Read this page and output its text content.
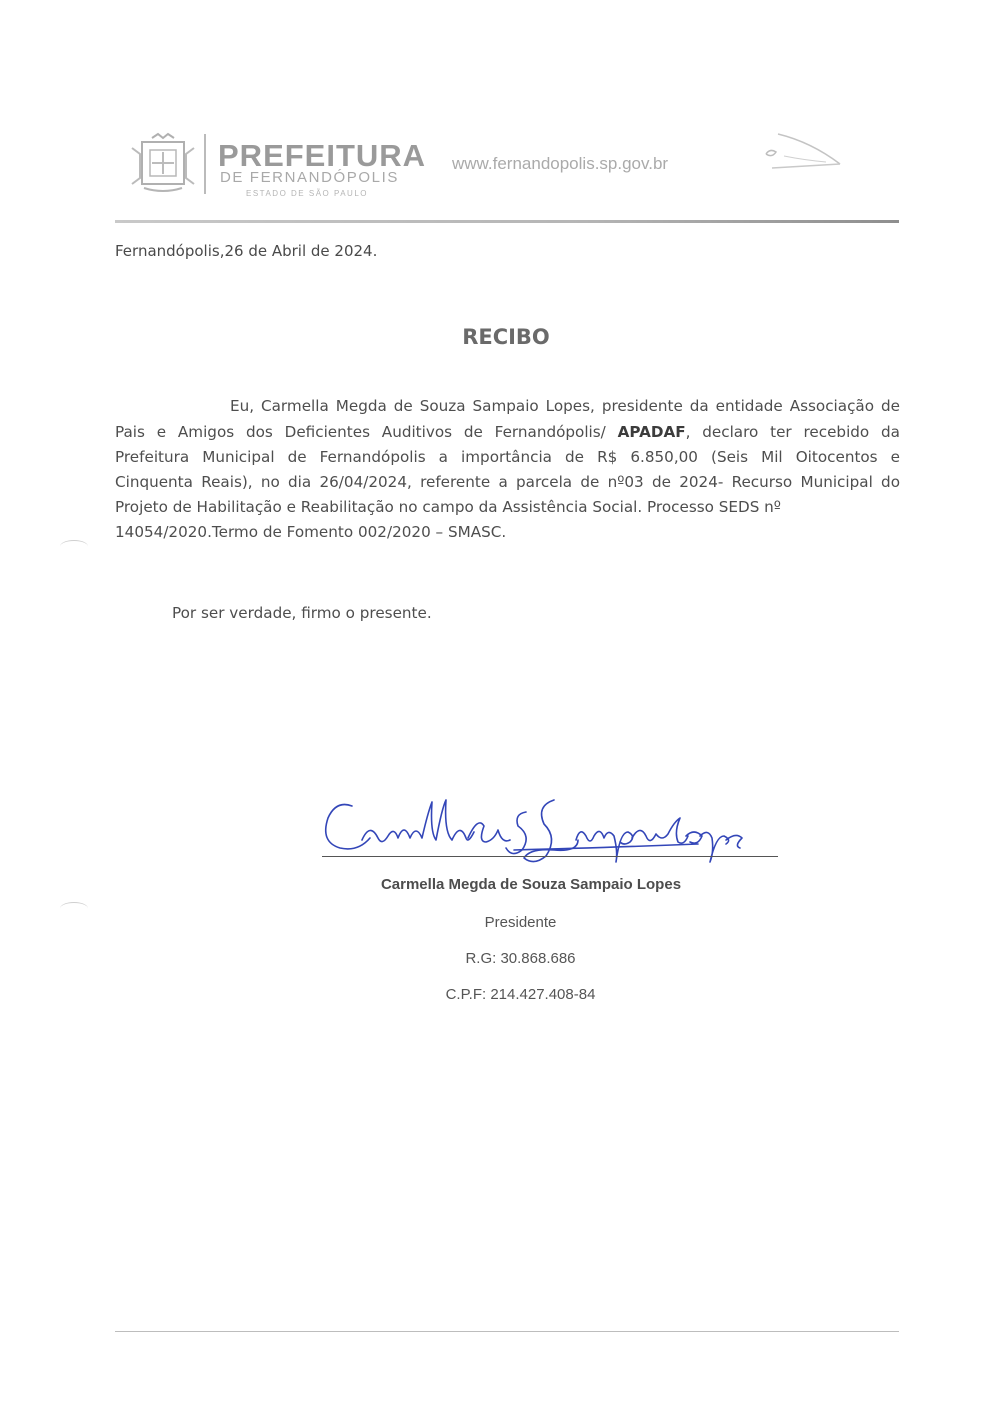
PREFEITURA
DE FERNANDÓPOLIS
ESTADO DE SÃO PAULO
www.fernandopolis.sp.gov.br
Fernandópolis,26 de Abril de 2024.
RECIBO
Eu, Carmella Megda de Souza Sampaio Lopes, presidente da entidade Associação de
Pais e Amigos dos Deficientes Auditivos de Fernandópolis/ APADAF, declaro ter recebido da
Prefeitura Municipal de Fernandópolis a importância de R$ 6.850,00 (Seis Mil Oitocentos e
Cinquenta Reais), no dia 26/04/2024, referente a parcela de nº03 de 2024- Recurso Municipal do
Projeto de Habilitação e Reabilitação no campo da Assistência Social. Processo SEDS nº
14054/2020.Termo de Fomento 002/2020 – SMASC.
Por ser verdade, firmo o presente.
Carmella Megda de Souza Sampaio Lopes
Presidente
R.G: 30.868.686
C.P.F: 214.427.408-84
